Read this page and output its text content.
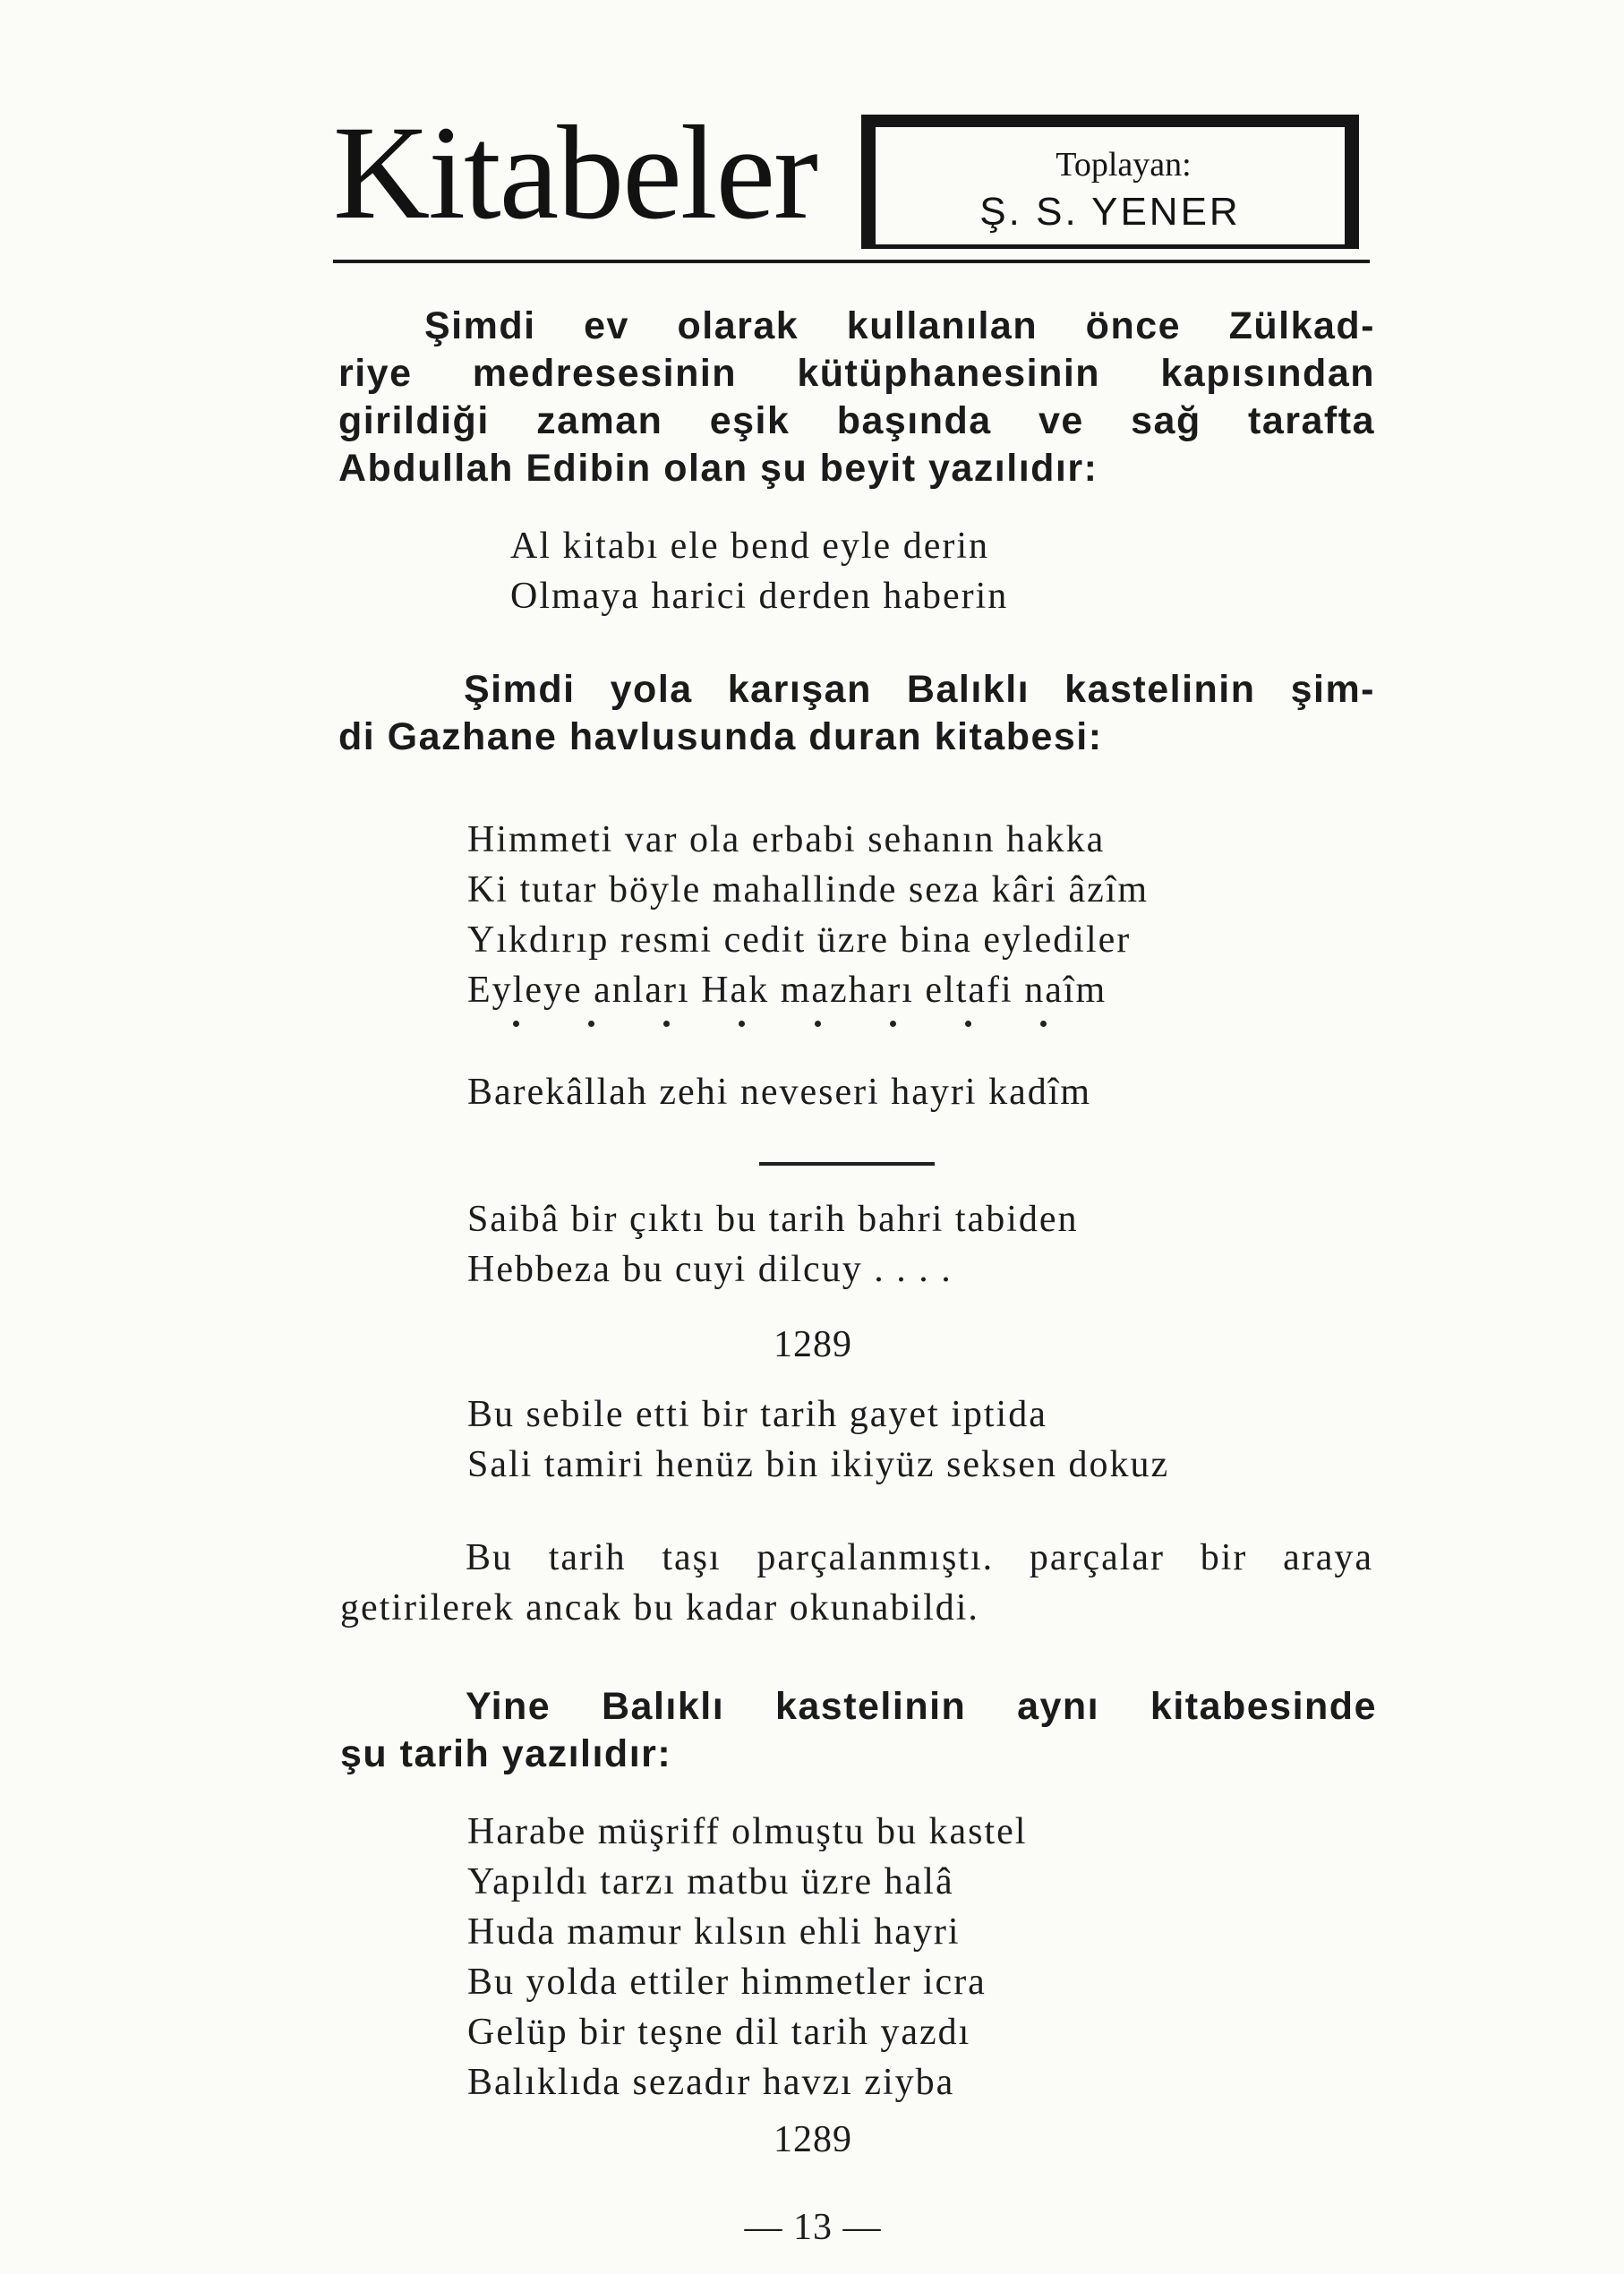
Kitabeler	Toplayan:
Ş. S. YENER
Şimdi ev olarak kullanılan önce Zülkad-
riye medresesinin kütüphanesinin kapısından
girildiği zaman eşik başında ve sağ tarafta
Abdullah Edibin olan şu beyit yazılıdır:
Al kitabı ele bend eyle derin
Olmaya harici derden haberin
Şimdi yola karışan Balıklı kastelinin şim-
di Gazhane havlusunda duran kitabesi:
Himmeti var ola erbabi sehanın hakka
Ki tutar böyle mahallinde seza kâri âzîm
Yıkdırıp resmi cedit üzre bina eylediler
Eyleye anları Hak mazharı eltafi naîm
Barekâllah zehi neveseri hayri kadîm
Saibâ bir çıktı bu tarih bahri tabiden
Hebbeza bu cuyi dilcuy . . . .
1289
Bu sebile etti bir tarih gayet iptida
Sali tamiri henüz bin ikiyüz seksen dokuz
Bu tarih taşı parçalanmıştı. parçalar bir araya
getirilerek ancak bu kadar okunabildi.
Yine Balıklı kastelinin aynı kitabesinde
şu tarih yazılıdır:
Harabe müşriff olmuştu bu kastel
Yapıldı tarzı matbu üzre halâ
Huda mamur kılsın ehli hayri
Bu yolda ettiler himmetler icra
Gelüp bir teşne dil tarih yazdı
Balıklıda sezadır havzı ziyba
1289
— 13 —
